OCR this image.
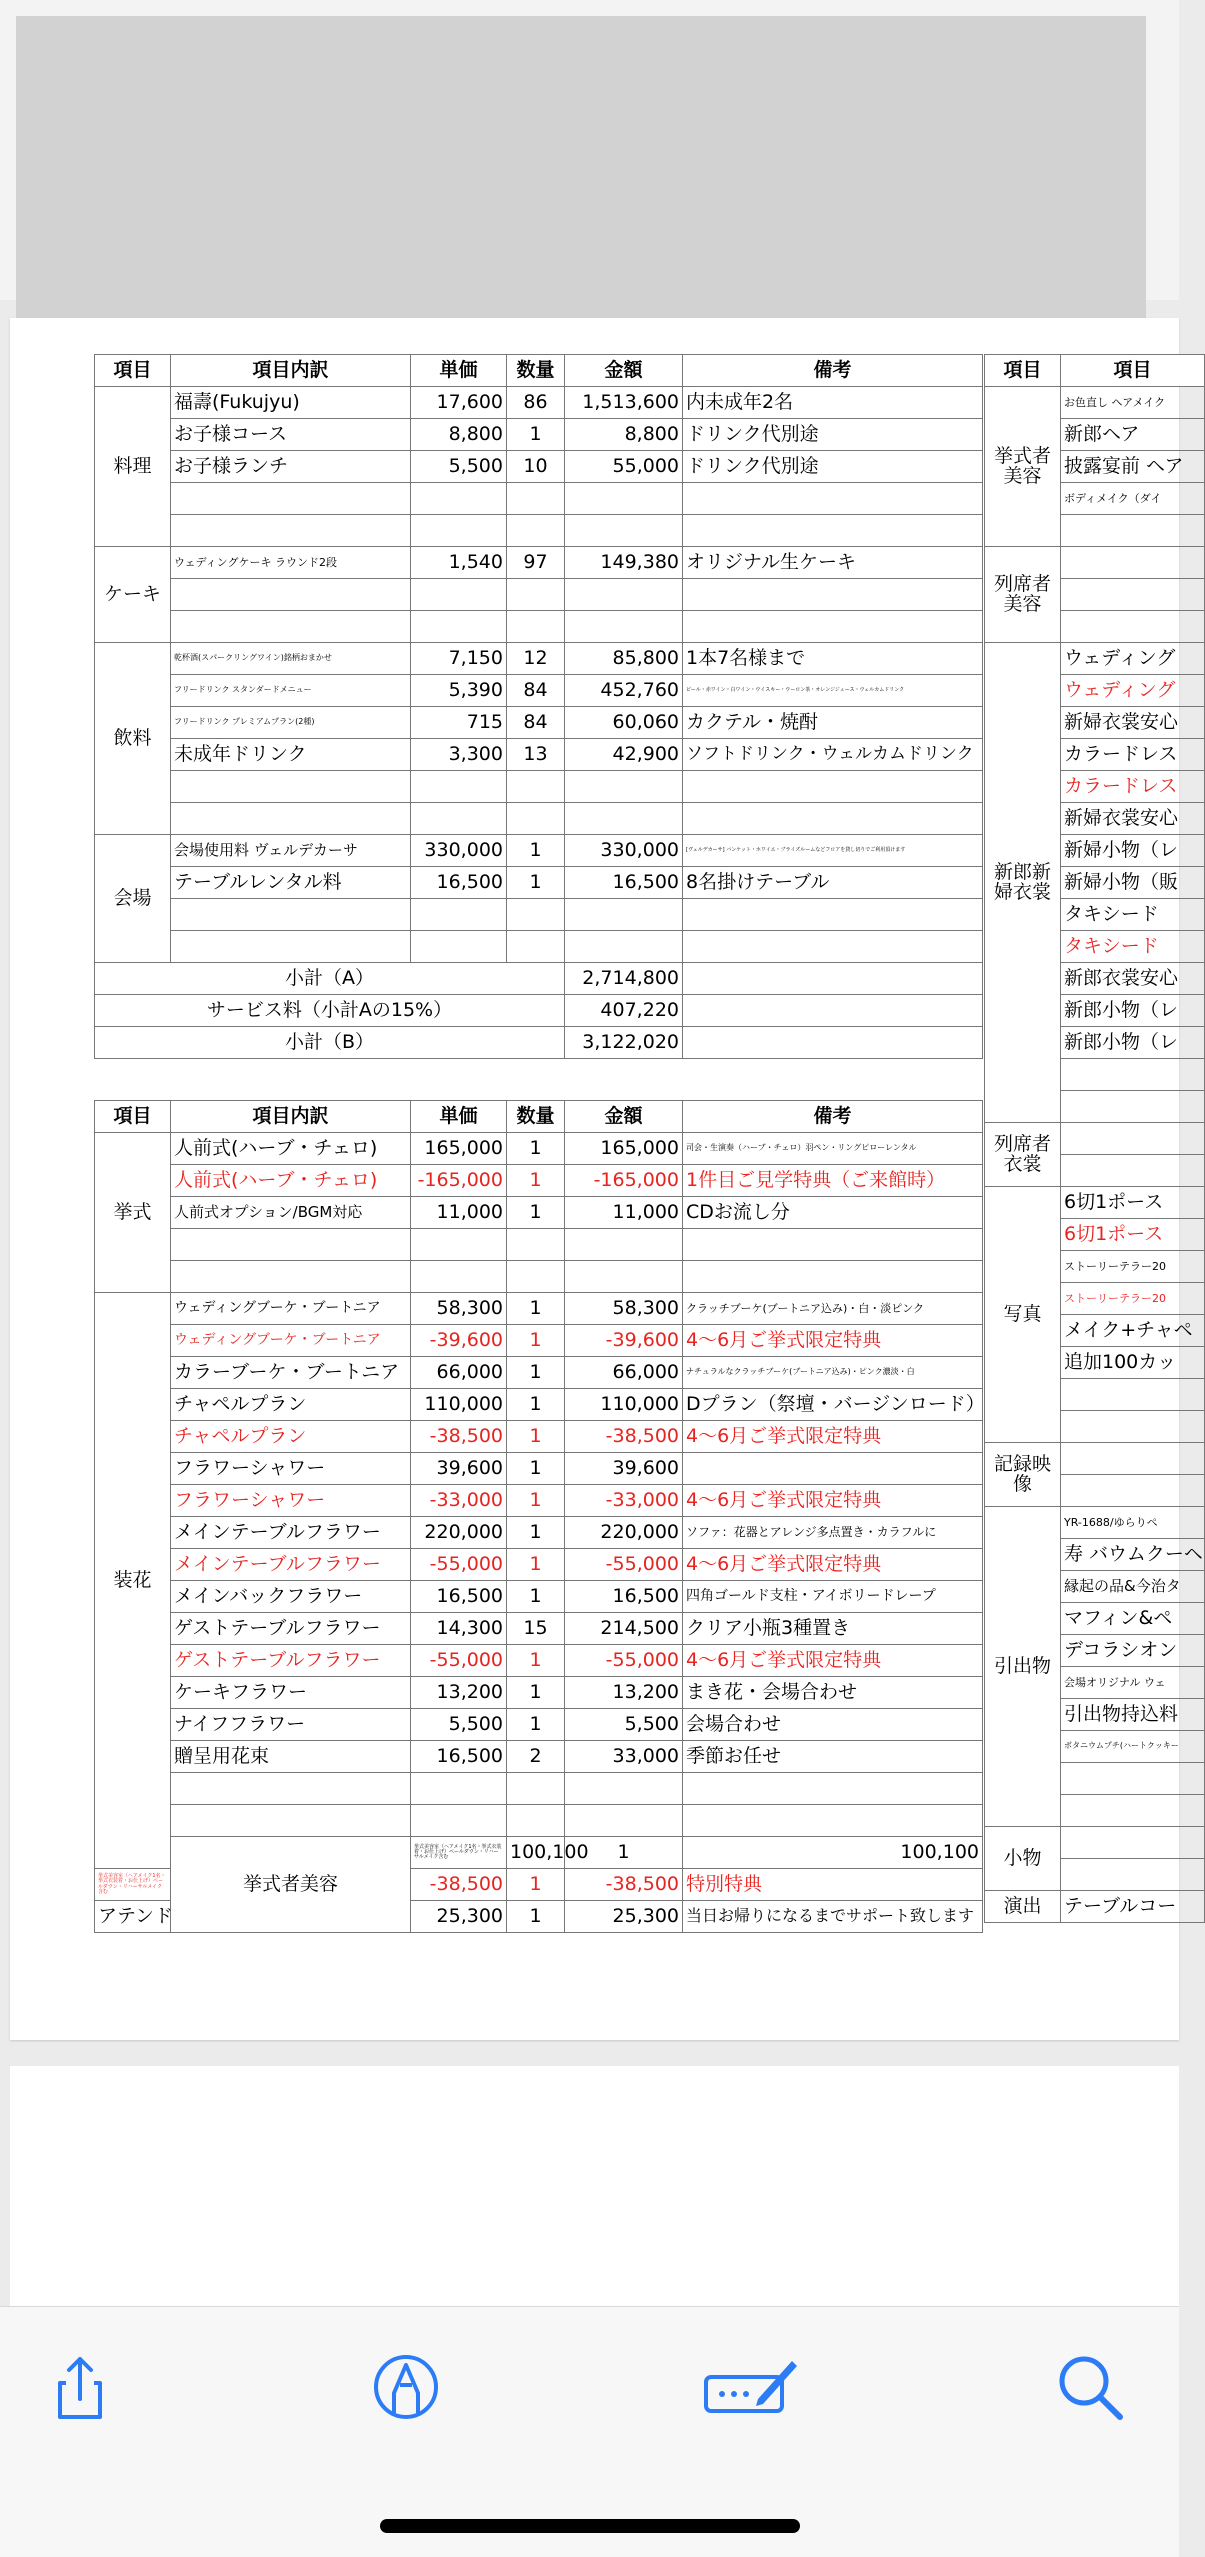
項目	項目内訳	単価	数量	金額	備考
料理	福壽(Fukujyu)	17,600	86	1,513,600	内未成年2名
	お子様コース	8,800	1	8,800	ドリンク代別途
	お子様ランチ	5,500	10	55,000	ドリンク代別途

ケーキ	ウェディングケーキ ラウンド2段	1,540	97	149,380	オリジナル生ケーキ

飲料	乾杯酒(スパークリングワイン)銘柄おまかせ	7,150	12	85,800	1本7名様まで
	フリードリンク スタンダードメニュー	5,390	84	452,760	ビール・赤ワイン・白ワイン・ウイスキー・ウーロン茶・オレンジジュース・ウェルカムドリンク
	フリードリンク プレミアムプラン(2種)	715	84	60,060	カクテル・焼酎
	未成年ドリンク	3,300	13	42,900	ソフトドリンク・ウェルカムドリンク

会場	会場使用料 ヴェルデカーサ	330,000	1	330,000	[ヴェルデカーサ] バンケット・ホワイエ・ブライズルームなどフロアを貸し切りでご利用頂けます
	テーブルレンタル料	16,500	1	16,500	8名掛けテーブル

小計（A）				2,714,800	
サービス料（小計Aの15%）				407,220	
小計（B）				3,122,020	
項目	項目内訳	単価	数量	金額	備考	
挙式	人前式(ハーブ・チェロ)	165,000	1	165,000	司会・生演奏（ハーブ・チェロ）羽ペン・リングピローレンタル	
	人前式(ハーブ・チェロ)	-165,000	1	-165,000	1件目ご見学特典（ご来館時）	
	人前式オプション/BGM対応	11,000	1	11,000	CDお流し分	

装花	ウェディングブーケ・ブートニア	58,300	1	58,300	クラッチブーケ(ブートニア込み)・白・淡ピンク	
	ウェディングブーケ・ブートニア	-39,600	1	-39,600	4〜6月ご挙式限定特典	
	カラーブーケ・ブートニア	66,000	1	66,000	ナチュラルなクラッチブーケ(ブートニア込み)・ピンク濃淡・白	
	チャペルプラン	110,000	1	110,000	Dプラン（祭壇・バージンロード）	
	チャペルプラン	-38,500	1	-38,500	4〜6月ご挙式限定特典	
	フラワーシャワー	39,600	1	39,600		
	フラワーシャワー	-33,000	1	-33,000	4〜6月ご挙式限定特典	
	メインテーブルフラワー	220,000	1	220,000	ソファ：花器とアレンジ多点置き・カラフルに	
	メインテーブルフラワー	-55,000	1	-55,000	4〜6月ご挙式限定特典	
	メインバックフラワー	16,500	1	16,500	四角ゴールド支柱・アイボリードレープ	
	ゲストテーブルフラワー	14,300	15	214,500	クリア小瓶3種置き	
	ゲストテーブルフラワー	-55,000	1	-55,000	4〜6月ご挙式限定特典	
	ケーキフラワー	13,200	1	13,200	まき花・会場合わせ	
	ナイフフラワー	5,500	1	5,500	会場合わせ	
	贈呈用花束	16,500	2	33,000	季節お任せ	

	挙式者美容	挙式美容室（ヘアメイク1名・挙式衣装着・お仕上げ）ベールダウン・リハーサルメイク含む	100,100	1	100,100	
挙式美容室（ヘアメイク1名・挙式衣装着・お仕上げ）ベールダウン・リハーサルメイク含む		-38,500	1	-38,500	特別特典	
アテンド		25,300	1	25,300	当日お帰りになるまでサポート致します	
項目	項目
挙式者美容	お色直し ヘアメイク
	新郎ヘア
	披露宴前 ヘア
	ボディメイク（ダイ

列席者美容	

新郎新婦衣裳	ウェディング
	ウェディング
	新婦衣裳安心
	カラードレス
	カラードレス
	新婦衣裳安心
	新婦小物（レ
	新婦小物（販
	タキシード
	タキシード
	新郎衣裳安心
	新郎小物（レ
	新郎小物（レ

列席者衣裳	

写真	6切1ポース
	6切1ポース
	ストーリーテラー20
	ストーリーテラー20
	メイク+チャペ
	追加100カッ

記録映像	

引出物	YR-1688/ゆらりペ
	寿 バウムクーヘ
	縁起の品&今治タ
	マフィン&ペ
	デコラシオン
	会場オリジナル ウェ
	引出物持込料
	ボタニウムプチ(ハートクッキー

小物	

演出	テーブルコー
